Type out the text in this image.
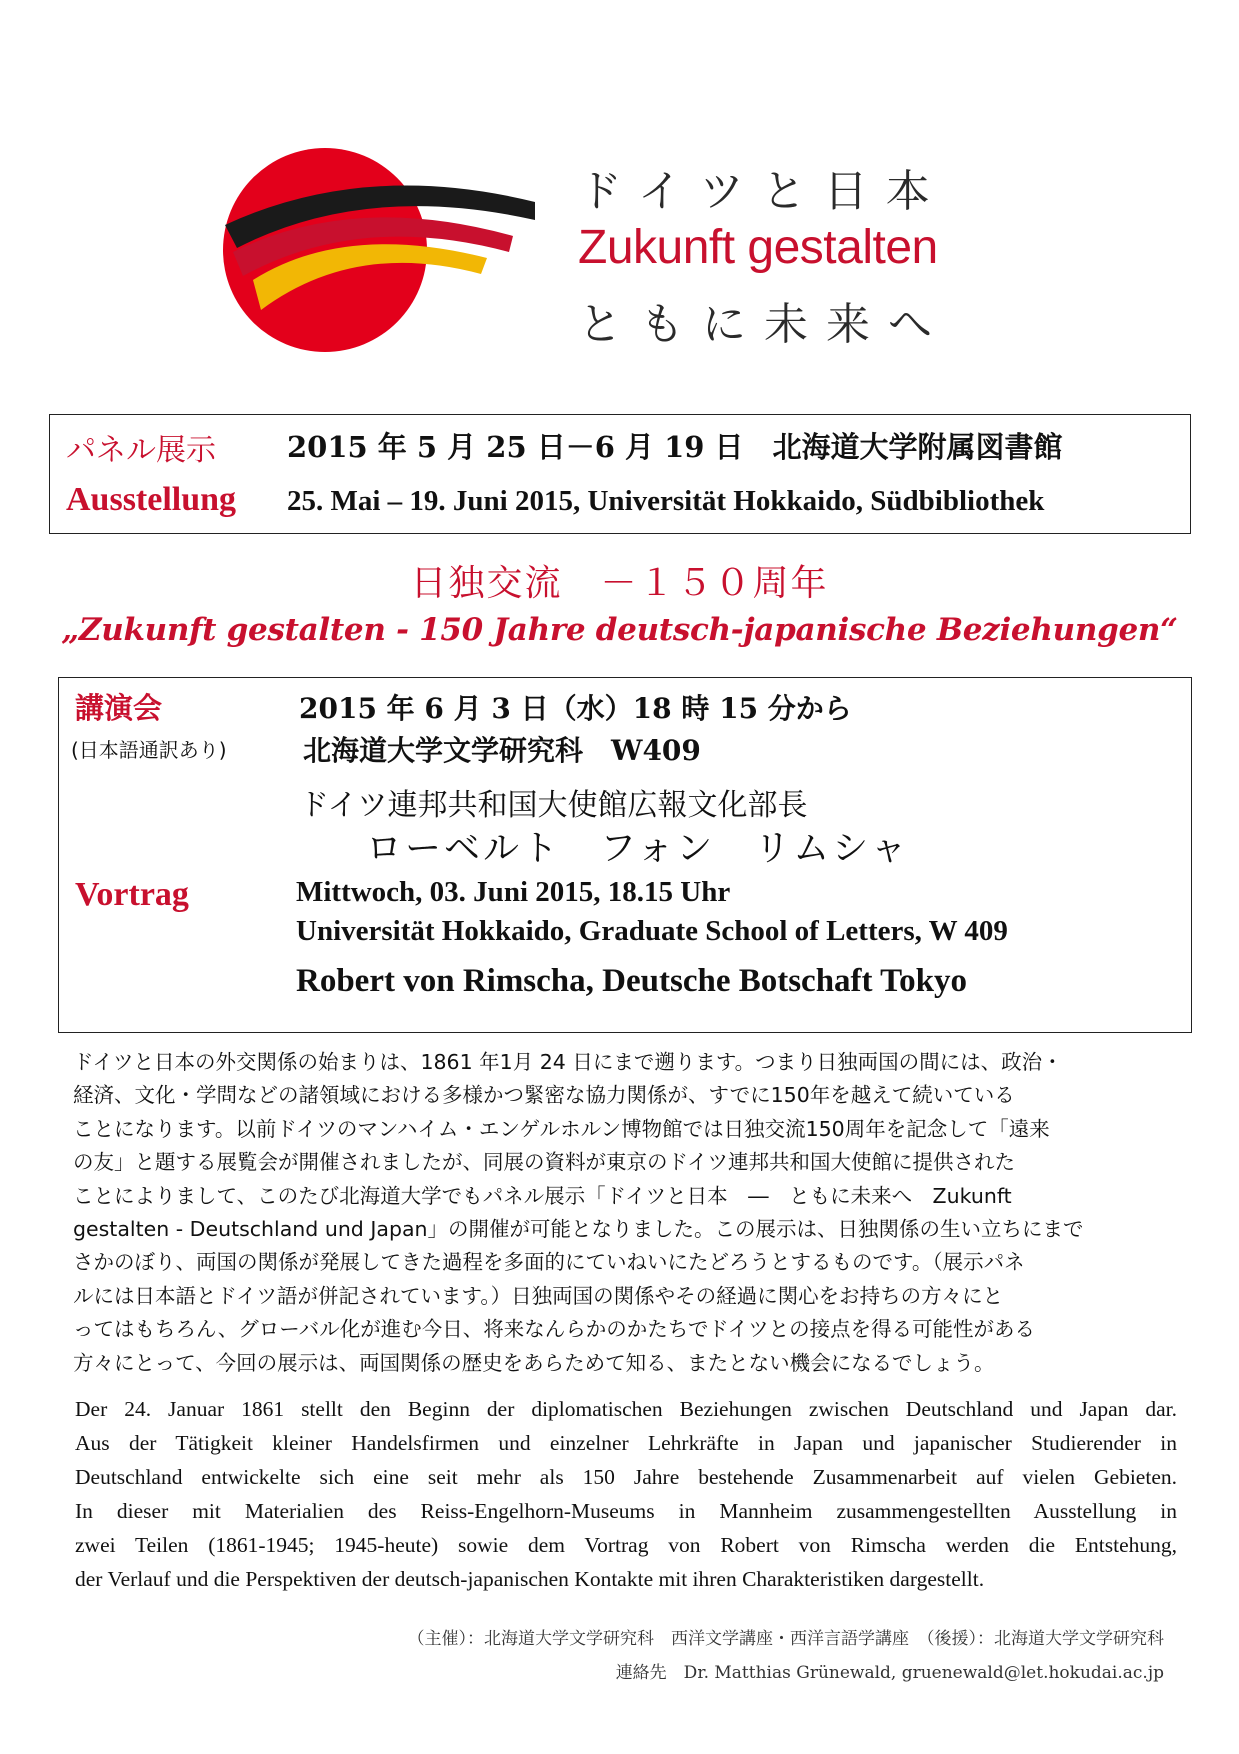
ドイツと日本
Zukunft gestalten
ともに未来へ
パネル展示 2015 年 5 月 25 日－6 月 19 日　北海道大学附属図書館
Ausstellung 25. Mai – 19. Juni 2015, Universität Hokkaido, Südbibliothek
日独交流　－１５０周年
„Zukunft gestalten - 150 Jahre deutsch-japanische Beziehungen“
講演会
(日本語通訳あり)
2015 年 6 月 3 日（水）18 時 15 分から
北海道大学文学研究科　W409
ドイツ連邦共和国大使館広報文化部長
ローベルト　フォン　リムシャ
Vortrag	Mittwoch, 03. Juni 2015, 18.15 Uhr
Universität Hokkaido, Graduate School of Letters, W 409
Robert von Rimscha, Deutsche Botschaft Tokyo
ドイツと日本の外交関係の始まりは、1861 年1月 24 日にまで遡ります。つまり日独両国の間には、政治・
経済、文化・学問などの諸領域における多様かつ緊密な協力関係が、すでに150年を越えて続いている
ことになります。以前ドイツのマンハイム・エンゲルホルン博物館では日独交流150周年を記念して「遠来
の友」と題する展覧会が開催されましたが、同展の資料が東京のドイツ連邦共和国大使館に提供された
ことによりまして、このたび北海道大学でもパネル展示「ドイツと日本　―　ともに未来へ　Zukunft
gestalten - Deutschland und Japan」の開催が可能となりました。この展示は、日独関係の生い立ちにまで
さかのぼり、両国の関係が発展してきた過程を多面的にていねいにたどろうとするものです。（展示パネ
ルには日本語とドイツ語が併記されています。）日独両国の関係やその経過に関心をお持ちの方々にと
ってはもちろん、グローバル化が進む今日、将来なんらかのかたちでドイツとの接点を得る可能性がある
方々にとって、今回の展示は、両国関係の歴史をあらためて知る、またとない機会になるでしょう。
Der 24. Januar 1861 stellt den Beginn der diplomatischen Beziehungen zwischen Deutschland und Japan dar.
Aus der Tätigkeit kleiner Handelsfirmen und einzelner Lehrkräfte in Japan und japanischer Studierender in
Deutschland entwickelte sich eine seit mehr als 150 Jahre bestehende Zusammenarbeit auf vielen Gebieten.
In dieser mit Materialien des Reiss-Engelhorn-Museums in Mannheim zusammengestellten Ausstellung in
zwei Teilen (1861-1945; 1945-heute) sowie dem Vortrag von Robert von Rimscha werden die Entstehung,
der Verlauf und die Perspektiven der deutsch-japanischen Kontakte mit ihren Charakteristiken dargestellt.
（主催）：北海道大学文学研究科　西洋文学講座・西洋言語学講座　（後援）：北海道大学文学研究科
連絡先　Dr. Matthias Grünewald, gruenewald@let.hokudai.ac.jp
